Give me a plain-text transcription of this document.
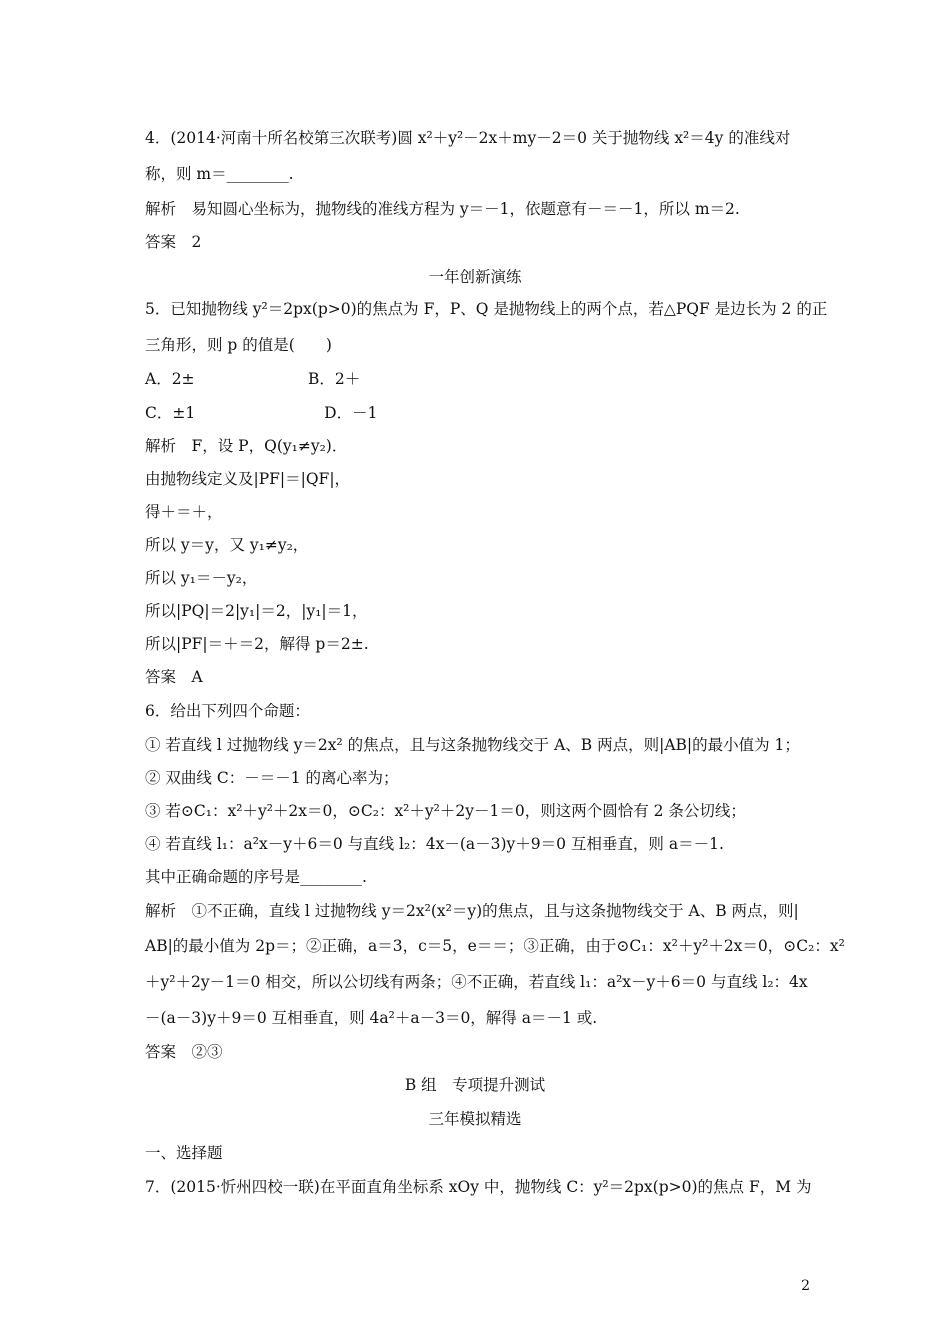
4．(2014·河南十所名校第三次联考)圆 x²＋y²－2x＋my－2＝0 关于抛物线 x²＝4y 的准线对
称，则 m＝________.
解析　易知圆心坐标为，抛物线的准线方程为 y＝－1，依题意有－＝－1，所以 m＝2.
答案　2
一年创新演练
5．已知抛物线 y²＝2px(p>0)的焦点为 F，P、Q 是抛物线上的两个点，若△PQF 是边长为 2 的正
三角形，则 p 的值是(　　)
A．2±　　　　　　　 B．2＋
C．±1　　　　　　　　 D．－1
解析　F，设 P，Q(y₁≠y₂)．
由抛物线定义及|PF|＝|QF|，
得＋＝＋，
所以 y＝y，又 y₁≠y₂，
所以 y₁＝－y₂，
所以|PQ|＝2|y₁|＝2，|y₁|＝1，
所以|PF|＝＋＝2，解得 p＝2±.
答案　A
6．给出下列四个命题：
① 若直线 l 过抛物线 y＝2x² 的焦点，且与这条抛物线交于 A、B 两点，则|AB|的最小值为 1；
② 双曲线 C：－＝－1 的离心率为；
③ 若⊙C₁：x²＋y²＋2x＝0，⊙C₂：x²＋y²＋2y－1＝0，则这两个圆恰有 2 条公切线；
④ 若直线 l₁：a²x－y＋6＝0 与直线 l₂：4x－(a－3)y＋9＝0 互相垂直，则 a＝－1.
其中正确命题的序号是________.
解析　①不正确，直线 l 过抛物线 y＝2x²(x²＝y)的焦点，且与这条抛物线交于 A、B 两点，则|
AB|的最小值为 2p＝；②正确，a＝3，c＝5，e＝＝；③正确，由于⊙C₁：x²＋y²＋2x＝0，⊙C₂：x²
＋y²＋2y－1＝0 相交，所以公切线有两条；④不正确，若直线 l₁：a²x－y＋6＝0 与直线 l₂：4x
－(a－3)y＋9＝0 互相垂直，则 4a²＋a－3＝0，解得 a＝－1 或.
答案　②③
B 组　专项提升测试
三年模拟精选
一、选择题
7．(2015·忻州四校一联)在平面直角坐标系 xOy 中，抛物线 C：y²＝2px(p>0)的焦点 F，M 为
2
